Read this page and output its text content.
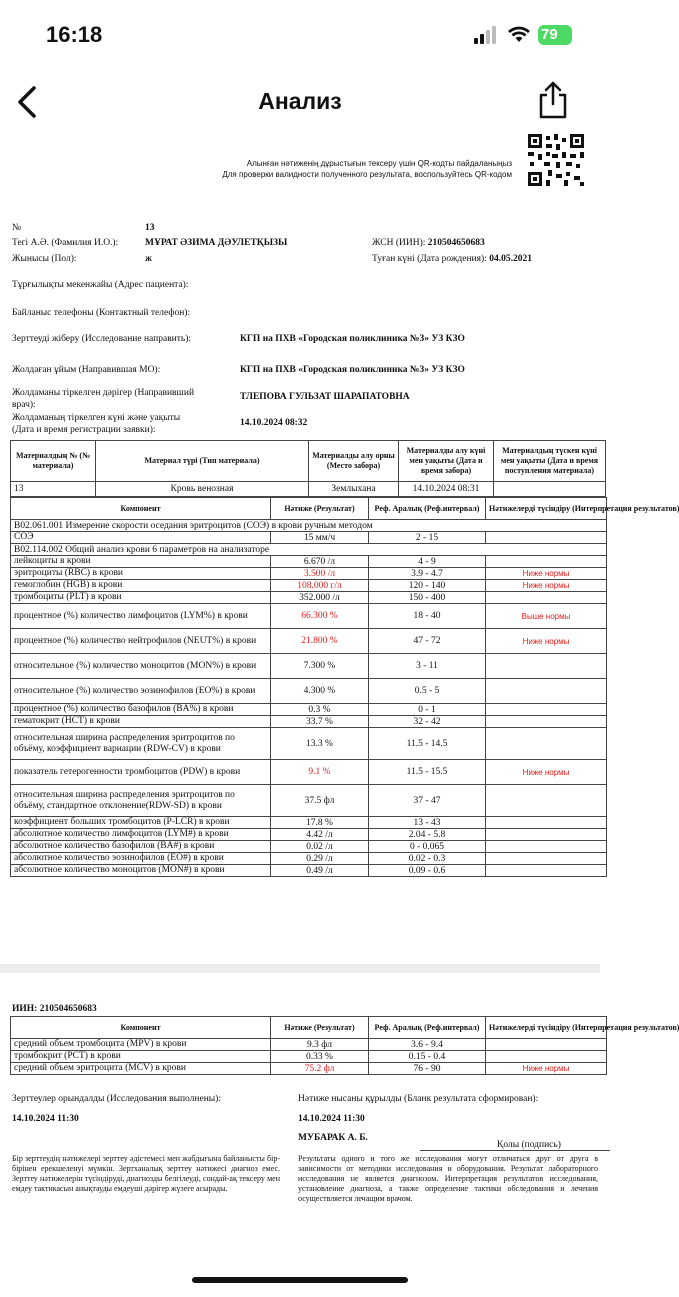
16:18	79
Анализ
Алынған нәтиженің дұрыстығын тексеру үшін QR-кодты пайдаланыңыз
Для проверки валидности полученного результата, воспользуйтесь QR-кодом
№	13
Тегі А.Ә. (Фамилия И.О.):	МҰРАТ ӘЗИМА ДӘУЛЕТҚЫЗЫ	ЖСН (ИИН): 210504650683
Жынысы (Пол):	ж	Туған күні (Дата рождения): 04.05.2021
Тұрғылықты мекенжайы (Адрес пациента):
Байланыс телефоны (Контактный телефон):
Зерттеуді жіберу (Исследование направить):	КГП на ПХВ «Городская поликлиника №3» УЗ КЗО
Жолдаған ұйым (Направившая МО):	КГП на ПХВ «Городская поликлиника №3» УЗ КЗО
Жолдаманы тіркелген дәрігер (Направивший
врач):
ТЛЕПОВА ГУЛЬЗАТ ШАРАПАТОВНА
Жолдаманың тіркелген күні және уақыты
(Дата и время регистрации заявки):
14.10.2024 08:32
Материалдың № (№ материала)	Материал түрі (Тип материала)	Материалды алу орны (Место забора)	Материалды алу күні мен уақыты (Дата и время забора)	Материалдың түскен күні мен уақыты (Дата и время поступления материала)
13	Кровь венозная	Землыхана	14.10.2024 08:31	
Компонент	Нәтиже (Результат)	Реф. Аралық (Реф.интервал)	Нәтижелерді түсіндіру (Интерпретация результатов)
В02.061.001 Измерение скорости оседания эритроцитов (СОЭ) в крови ручным методом			
СОЭ	15 мм/ч	2 - 15	
В02.114.002 Общий анализ крови 6 параметров на анализаторе			
лейкоциты в крови	6.670 /л	4 - 9	
эритроциты (RBC) в крови	3.500 /л	3.9 - 4.7	Ниже нормы
гемоглобин (HGB) в крови	108.000 г/л	120 - 140	Ниже нормы
тромбоциты (PLT) в крови	352.000 /л	150 - 400	
процентное (%) количество лимфоцитов (LYM%) в крови	66.300 %	18 - 40	Выше нормы
процентное (%) количество нейтрофилов (NEUT%) в крови	21.800 %	47 - 72	Ниже нормы
относительное (%) количество моноцитов (MON%) в крови	7.300 %	3 - 11	
относительное (%) количество эозинофилов (EO%) в крови	4.300 %	0.5 - 5	
процентное (%) количество базофилов (BA%) в крови	0.3 %	0 - 1	
гематокрит (HCT) в крови	33.7 %	32 - 42	
относительная ширина распределения эритроцитов по объёму, коэффициент вариации (RDW-CV) в крови	13.3 %	11.5 - 14.5	
показатель гетерогенности тромбоцитов (PDW) в крови	9.1 %	11.5 - 15.5	Ниже нормы
относительная ширина распределения эритроцитов по объёму, стандартное отклонение(RDW-SD) в крови	37.5 фл	37 - 47	
коэффициент больших тромбоцитов (P-LCR) в крови	17.8 %	13 - 43	
абсолютное количество лимфоцитов (LYM#) в крови	4.42 /л	2.04 - 5.8	
абсолютное количество базофилов (BA#) в крови	0.02 /л	0 - 0.065	
абсолютное количество эозинофилов (EO#) в крови	0.29 /л	0.02 - 0.3	
абсолютное количество моноцитов (MON#) в крови	0.49 /л	0.09 - 0.6	
ИИН: 210504650683
Компонент	Нәтиже (Результат)	Реф. Аралық (Реф.интервал)	Нәтижелерді түсіндіру (Интерпретация результатов)
средний объем тромбоцита (MPV) в крови	9.3 фл	3.6 - 9.4	
тромбокрит (PCT) в крови	0.33 %	0.15 - 0.4	
средний объем эритроцита (MCV) в крови	75.2 фл	76 - 90	Ниже нормы
Зерттеулер орындалды (Исследования выполнены):
14.10.2024 11:30
Нәтиже нысаны құрылды (Бланк результата сформирован):
14.10.2024 11:30
МУБАРАК А. Б.
Қолы (подпись)
Бір зерттеудің нәтижелері зерттеу әдістемесі мен жабдығына байланысты бір-бірінен ерекшеленуі мүмкін. Зертханалық зерттеу нәтижесі диагноз емес. Зерттеу нәтижелерін түсіндіруді, диагнозды белгілеуді, сондай-ақ тексеру мен емдеу тактикасын анықтауды емдеуші дәрігер жүзеге асырады.
Результаты одного и того же исследования могут отличаться друг от друга в зависимости от методики исследования и оборудования. Результат лабораторного исследования не является диагнозом. Интерпретация результатов исследования, установление диагноза, а также определение тактики обследования и лечения осуществляется лечащим врачом.
